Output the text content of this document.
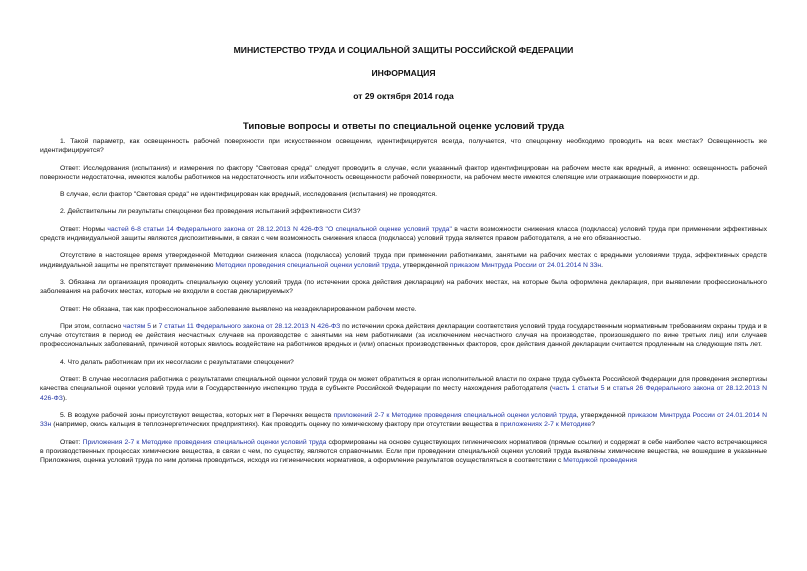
МИНИСТЕРСТВО ТРУДА И СОЦИАЛЬНОЙ ЗАЩИТЫ РОССИЙСКОЙ ФЕДЕРАЦИИ
ИНФОРМАЦИЯ
от 29 октября 2014 года
Типовые вопросы и ответы по специальной оценке условий труда

1. Такой параметр, как освещенность рабочей поверхности при искусственном освещении, идентифицируется всегда, получается, что спецоценку необходимо проводить на всех местах? Освещенность же идентифицируется?

Ответ: Исследования (испытания) и измерения по фактору "Световая среда" следует проводить в случае, если указанный фактор идентифицирован на рабочем месте как вредный, а именно: освещенность рабочей поверхности недостаточна, имеются жалобы работников на недостаточность или избыточность освещенности рабочей поверхности, на рабочем месте имеются слепящие или отражающие поверхности и др.

В случае, если фактор "Световая среда" не идентифицирован как вредный, исследования (испытания) не проводятся.

2. Действительны ли результаты спецоценки без проведения испытаний эффективности СИЗ?

Ответ: Нормы частей 6-8 статьи 14 Федерального закона от 28.12.2013 N 426-ФЗ "О специальной оценке условий труда" в части возможности снижения класса (подкласса) условий труда при применении эффективных средств индивидуальной защиты являются диспозитивными, в связи с чем возможность снижения класса (подкласса) условий труда является правом работодателя, а не его обязанностью.

Отсутствие в настоящее время утвержденной Методики снижения класса (подкласса) условий труда при применении работниками, занятыми на рабочих местах с вредными условиями труда, эффективных средств индивидуальной защиты не препятствует применению Методики проведения специальной оценки условий труда, утвержденной приказом Минтруда России от 24.01.2014 N 33н.

3. Обязана ли организация проводить специальную оценку условий труда (по истечении срока действия декларации) на рабочих местах, на которые была оформлена декларация, при выявлении профессионального заболевания на рабочих местах, которые не входили в состав декларируемых?

Ответ: Не обязана, так как профессиональное заболевание выявлено на незадекларированном рабочем месте.

При этом, согласно частям 5 и 7 статьи 11 Федерального закона от 28.12.2013 N 426-ФЗ по истечении срока действия декларации соответствия условий труда государственным нормативным требованиям охраны труда и в случае отсутствия в период ее действия несчастных случаев на производстве с занятыми на нем работниками (за исключением несчастного случая на производстве, произошедшего по вине третьих лиц) или случаев профессиональных заболеваний, причиной которых явилось воздействие на работников вредных и (или) опасных производственных факторов, срок действия данной декларации считается продленным на следующие пять лет.

4. Что делать работникам при их несогласии с результатами спецоценки?

Ответ: В случае несогласия работника с результатами специальной оценки условий труда он может обратиться в орган исполнительной власти по охране труда субъекта Российской Федерации для проведения экспертизы качества специальной оценки условий труда или в Государственную инспекцию труда в субъекте Российской Федерации по месту нахождения работодателя (часть 1 статьи 5 и статья 26 Федерального закона от 28.12.2013 N 426-ФЗ).

5. В воздухе рабочей зоны присутствуют вещества, которых нет в Перечнях веществ приложений 2-7 к Методике проведения специальной оценки условий труда, утвержденной приказом Минтруда России от 24.01.2014 N 33н (например, окись кальция в теплоэнергетических предприятиях). Как проводить оценку по химическому фактору при отсутствии вещества в приложениях 2-7 к Методике?

Ответ: Приложения 2-7 к Методике проведения специальной оценки условий труда сформированы на основе существующих гигиенических нормативов (прямые ссылки) и содержат в себе наиболее часто встречающиеся в производственных процессах химические вещества, в связи с чем, по существу, являются справочными. Если при проведении специальной оценки условий труда выявлены химические вещества, не вошедшие в указанные Приложения, оценка условий труда по ним должна проводиться, исходя из гигиенических нормативов, а оформление результатов осуществляться в соответствии с Методикой проведения
